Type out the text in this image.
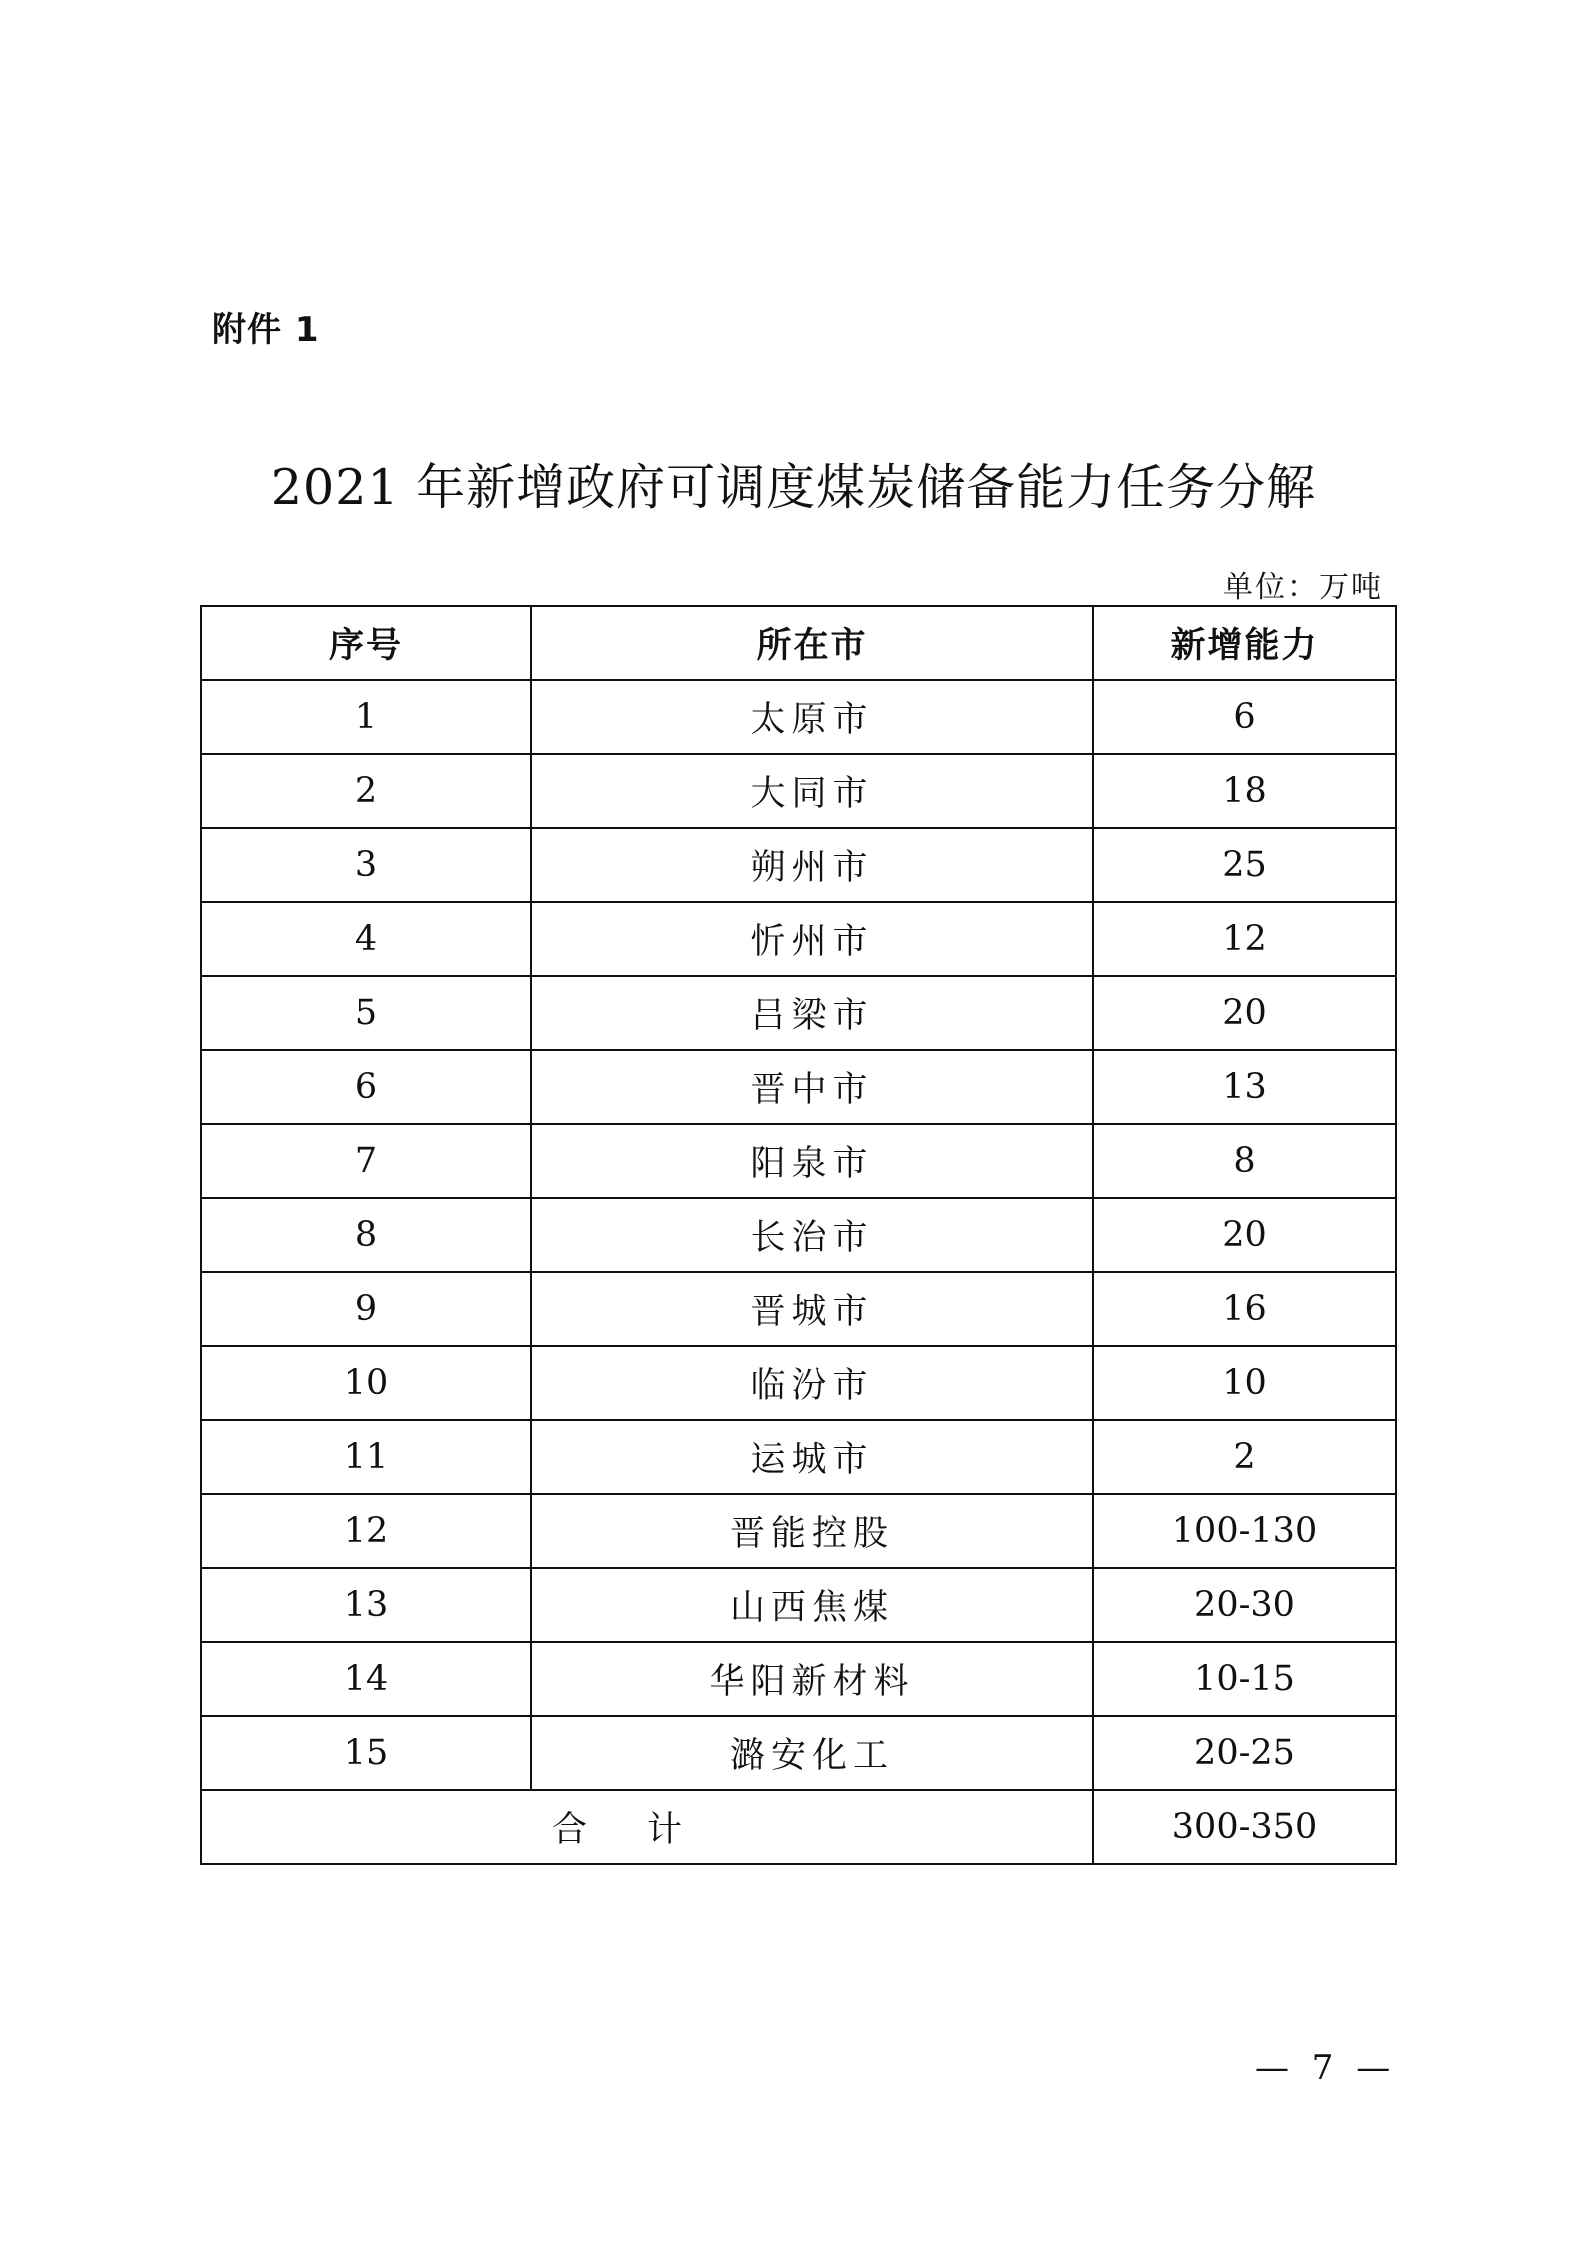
附件 1
2021 年新增政府可调度煤炭储备能力任务分解
单位：万吨
序号	所在市	新增能力
1	太原市	6
2	大同市	18
3	朔州市	25
4	忻州市	12
5	吕梁市	20
6	晋中市	13
7	阳泉市	8
8	长治市	20
9	晋城市	16
10	临汾市	10
11	运城市	2
12	晋能控股	100-130
13	山西焦煤	20-30
14	华阳新材料	10-15
15	潞安化工	20-25
合计		300-350
— 7 —
